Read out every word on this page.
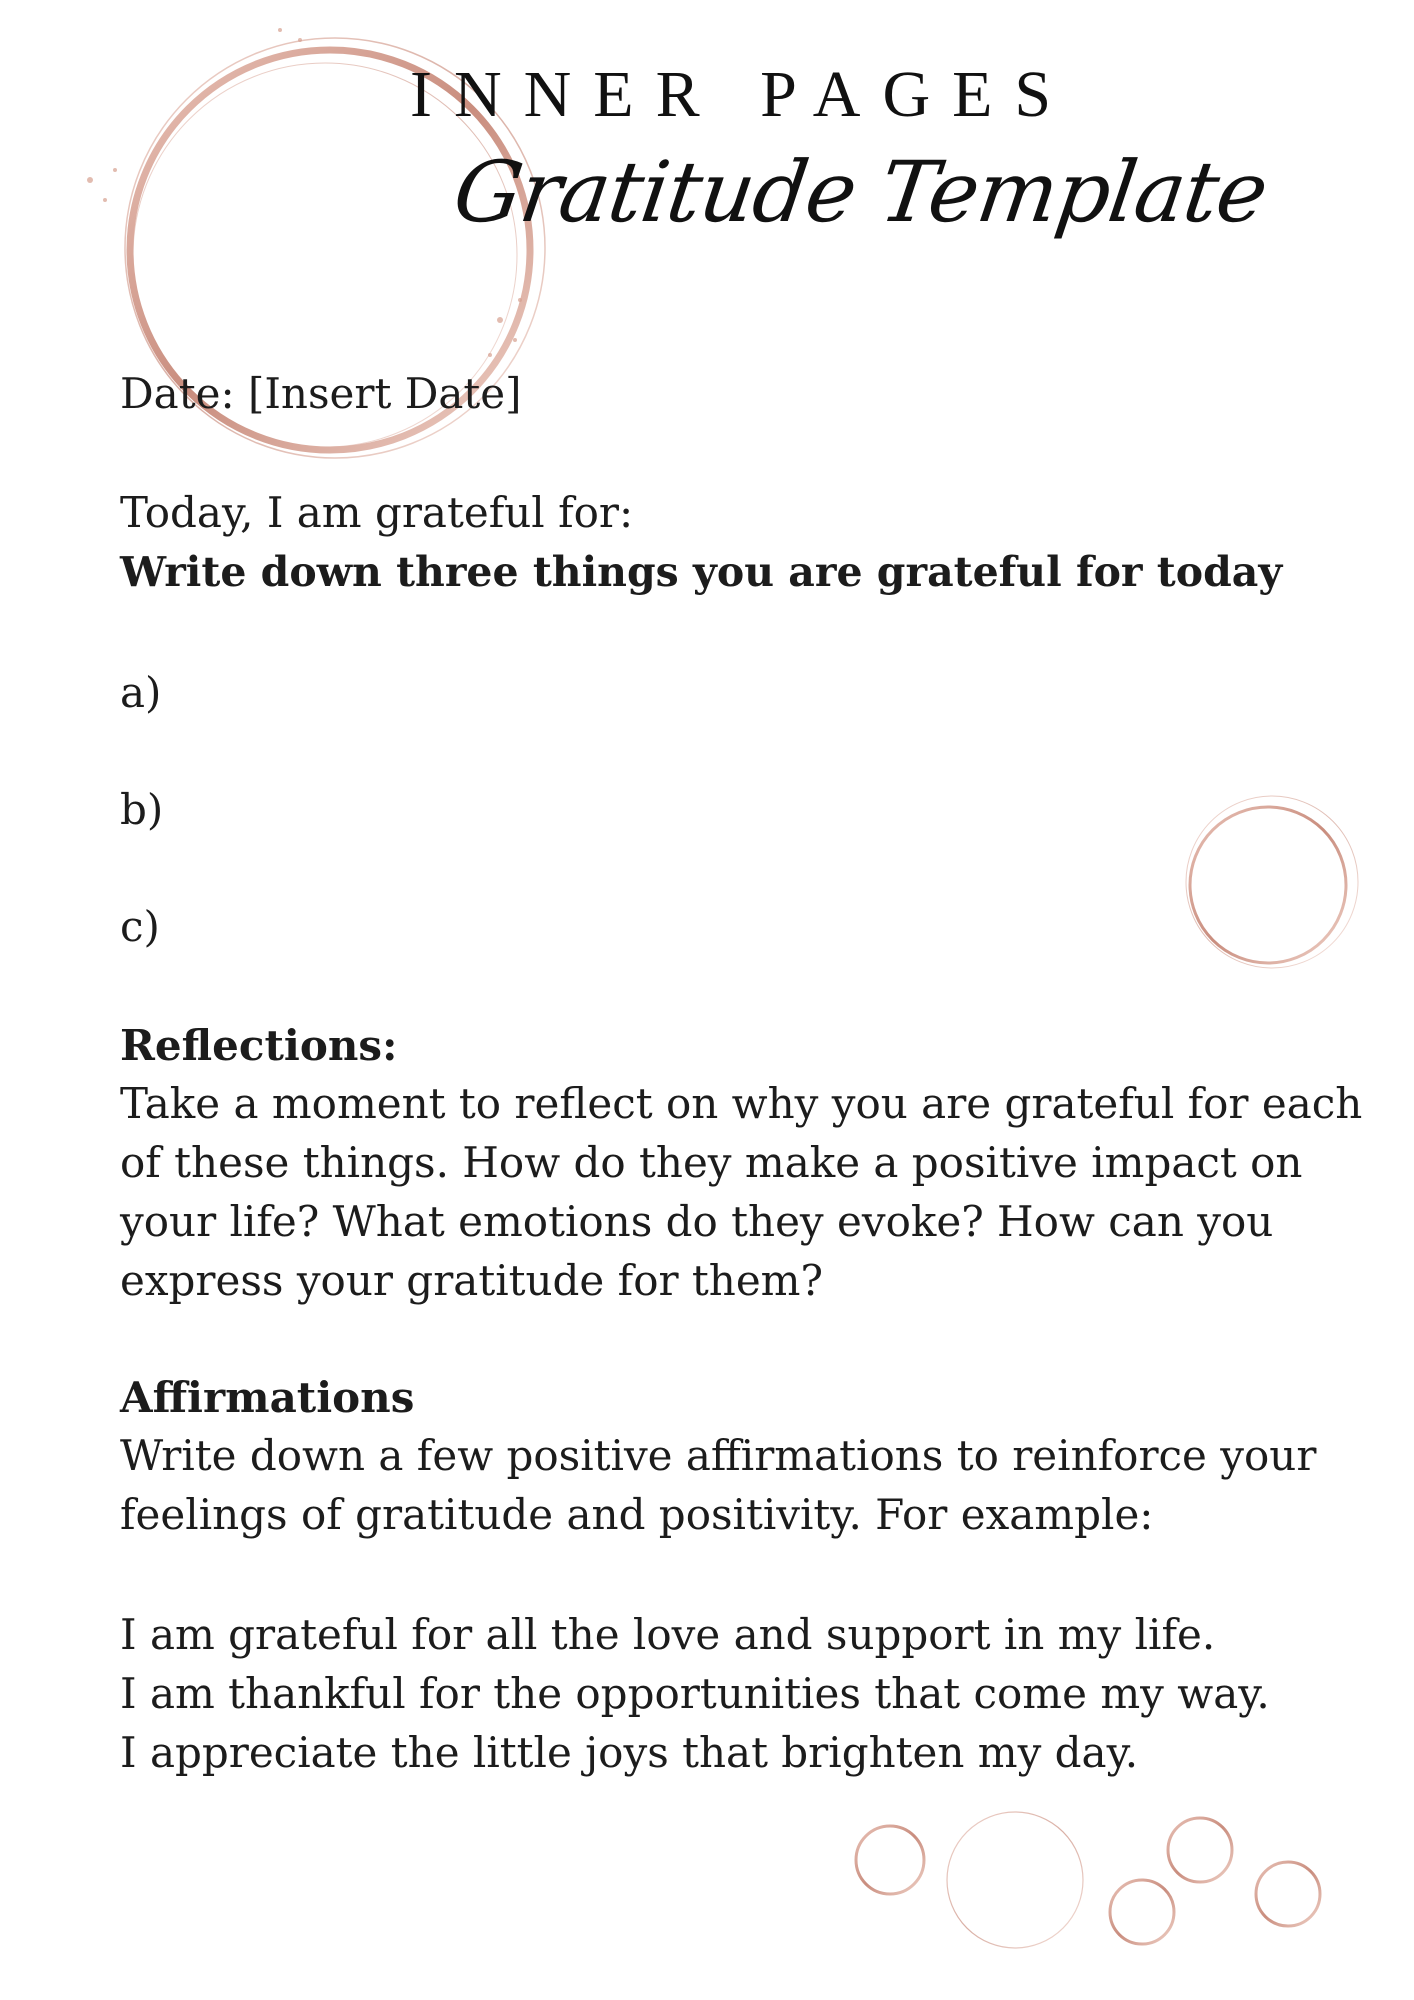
INNER PAGES
Gratitude Template
Date: [Insert Date]
Today, I am grateful for:
Write down three things you are grateful for today
a)
b)
c)
Reflections:
Take a moment to reflect on why you are grateful for each of these things. How do they make a positive impact on your life? What emotions do they evoke? How can you express your gratitude for them?
Affirmations
Write down a few positive affirmations to reinforce your feelings of gratitude and positivity. For example:
I am grateful for all the love and support in my life.
I am thankful for the opportunities that come my way.
I appreciate the little joys that brighten my day.
